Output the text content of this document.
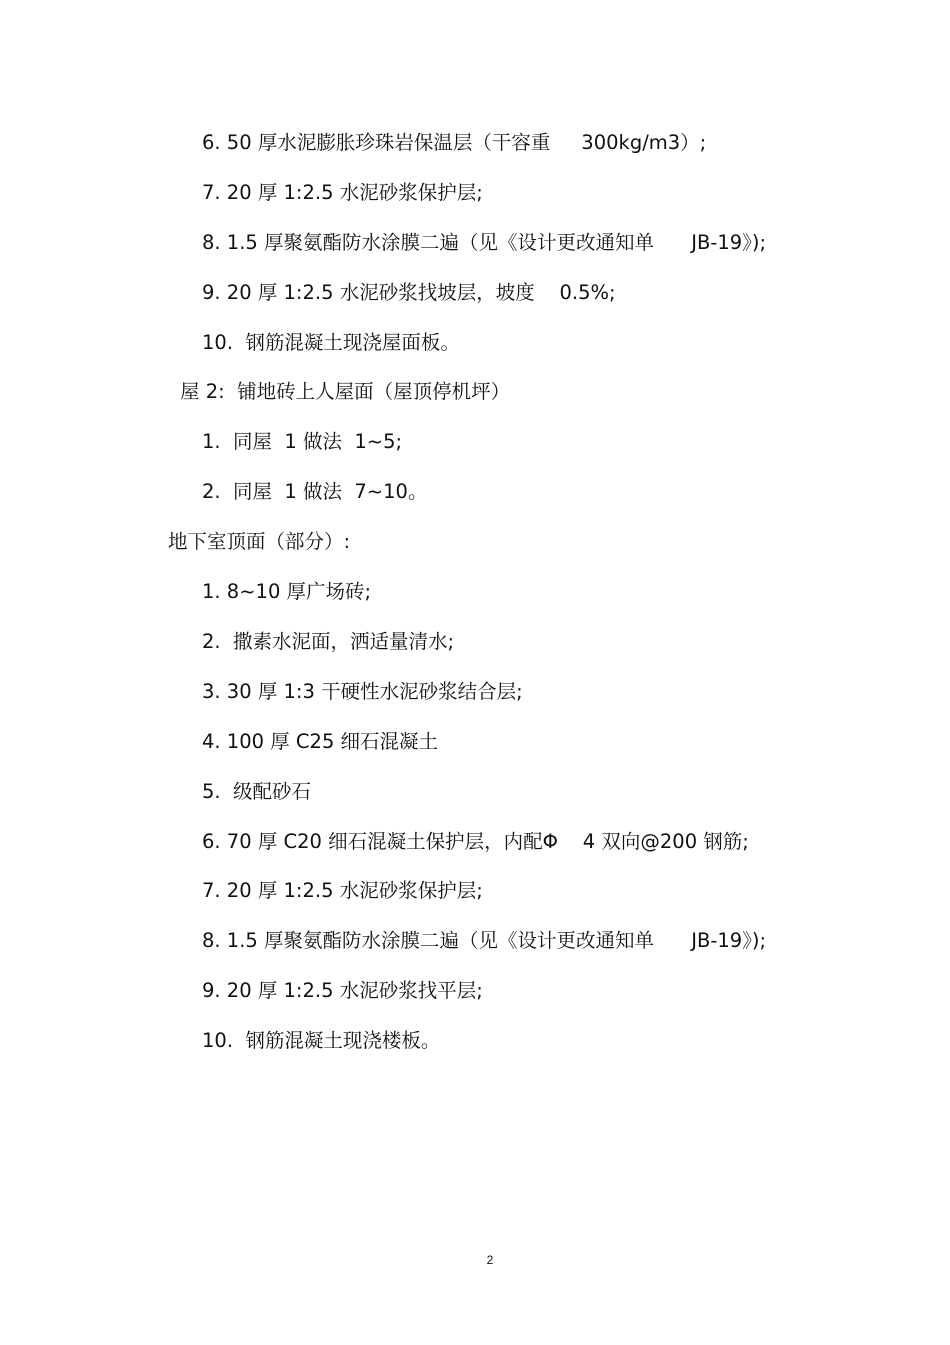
6. 50 厚水泥膨胀珍珠岩保温层（干容重     300kg/m3）;
7. 20 厚 1:2.5 水泥砂浆保护层;
8. 1.5 厚聚氨酯防水涂膜二遍（见《设计更改通知单      JB-19》);
9. 20 厚 1:2.5 水泥砂浆找坡层，坡度    0.5%;
10.  钢筋混凝土现浇屋面板。
屋 2:  铺地砖上人屋面（屋顶停机坪）
1.  同屋  1 做法  1~5;
2.  同屋  1 做法  7~10。
地下室顶面（部分）:
1. 8~10 厚广场砖;
2.  撒素水泥面，洒适量清水;
3. 30 厚 1:3 干硬性水泥砂浆结合层;
4. 100 厚 C25 细石混凝土
5.  级配砂石
6. 70 厚 C20 细石混凝土保护层，内配Φ    4 双向@200 钢筋;
7. 20 厚 1:2.5 水泥砂浆保护层;
8. 1.5 厚聚氨酯防水涂膜二遍（见《设计更改通知单      JB-19》);
9. 20 厚 1:2.5 水泥砂浆找平层;
10.  钢筋混凝土现浇楼板。
2
